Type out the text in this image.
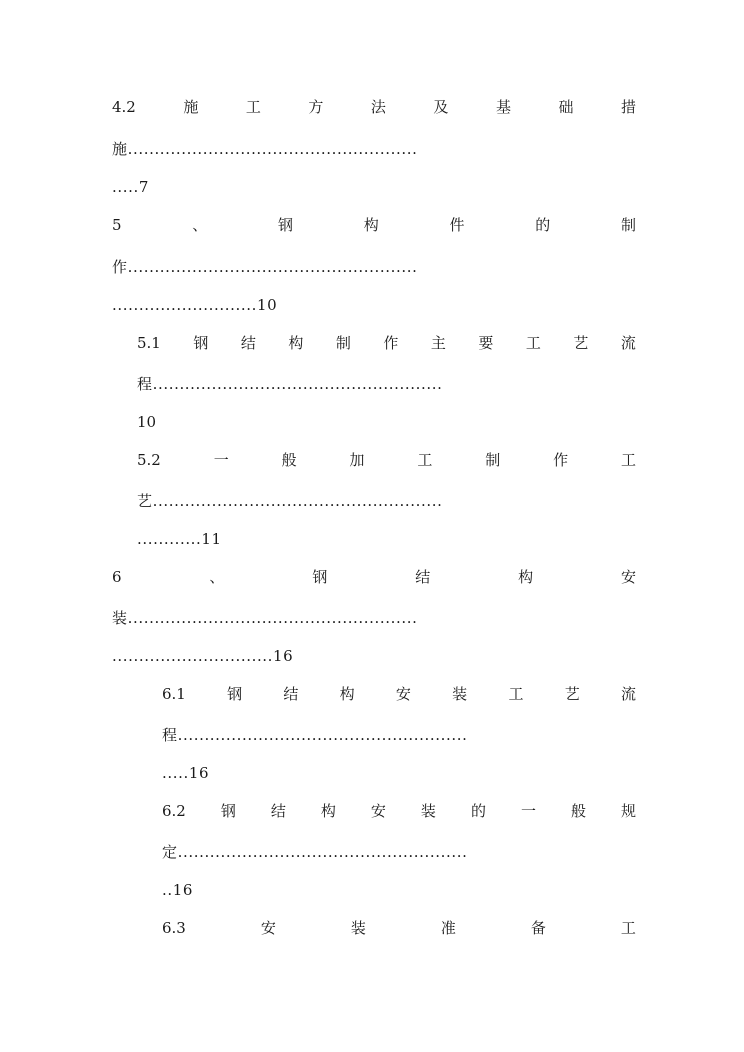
4.2	施	工	方	法	及	基	础	措
施......................................................
.....7
5	、	钢	构	件	的	制
作......................................................
...........................10
5.1 钢 结 构 制 作 主 要 工 艺 流
程......................................................
10
5.2	一	般	加	工	制	作	工
艺......................................................
............11
6	、	钢	结	构	安
装......................................................
..............................16
6.1	钢	结	构	安	装	工	艺	流
程......................................................
.....16
6.2 钢 结 构 安 装 的 一 般 规
定......................................................
..16
6.3	安	装	准	备	工
